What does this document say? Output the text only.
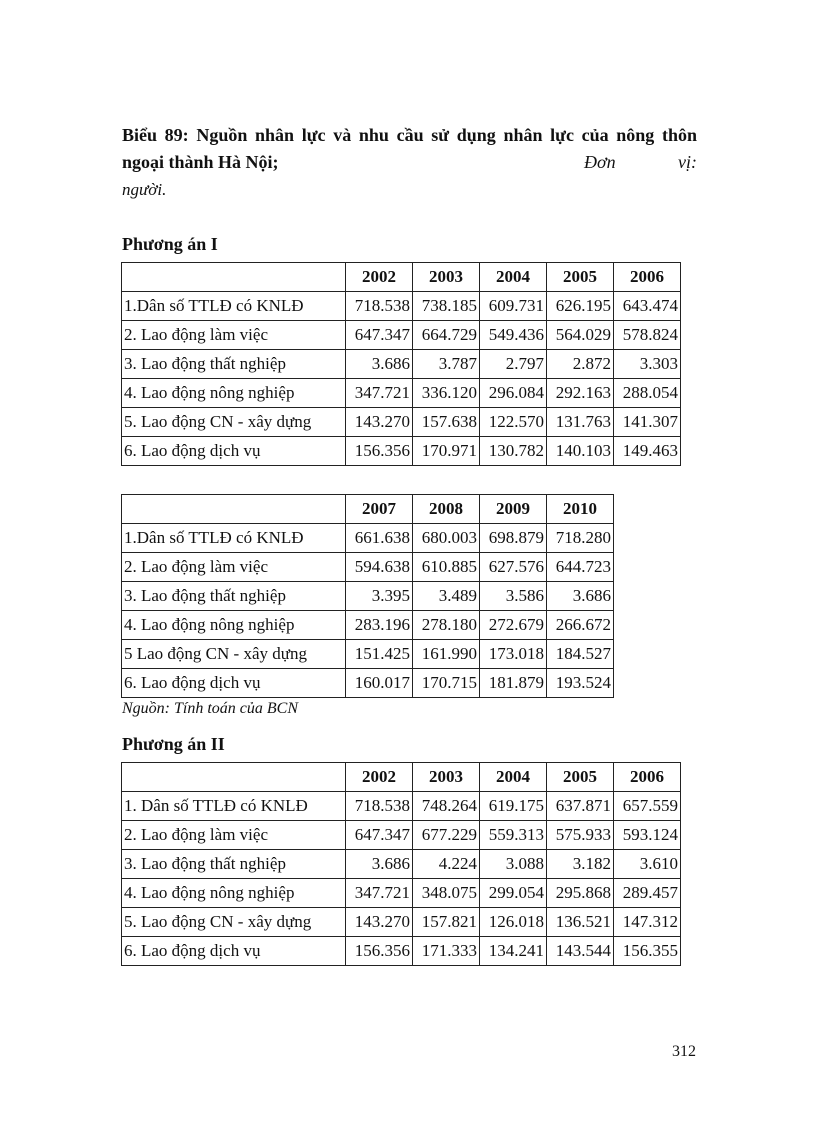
Biểu 89: Nguồn nhân lực và nhu cầu sử dụng nhân lực của nông thôn
ngoại thành Hà Nội;	Đơn	vị:
người.
Phương án I
	2002	2003	2004	2005	2006
1.Dân số TTLĐ có KNLĐ	718.538	738.185	609.731	626.195	643.474
2. Lao động làm việc	647.347	664.729	549.436	564.029	578.824
3. Lao động thất nghiệp	3.686	3.787	2.797	2.872	3.303
4. Lao động nông nghiệp	347.721	336.120	296.084	292.163	288.054
5. Lao động CN - xây dựng	143.270	157.638	122.570	131.763	141.307
6. Lao động dịch vụ	156.356	170.971	130.782	140.103	149.463
	2007	2008	2009	2010
1.Dân số TTLĐ có KNLĐ	661.638	680.003	698.879	718.280
2. Lao động làm việc	594.638	610.885	627.576	644.723
3. Lao động thất nghiệp	3.395	3.489	3.586	3.686
4. Lao động nông nghiệp	283.196	278.180	272.679	266.672
5 Lao động CN - xây dựng	151.425	161.990	173.018	184.527
6. Lao động dịch vụ	160.017	170.715	181.879	193.524
Nguồn: Tính toán của BCN
Phương án II
	2002	2003	2004	2005	2006
1. Dân số TTLĐ có KNLĐ	718.538	748.264	619.175	637.871	657.559
2. Lao động làm việc	647.347	677.229	559.313	575.933	593.124
3. Lao động thất nghiệp	3.686	4.224	3.088	3.182	3.610
4. Lao động nông nghiệp	347.721	348.075	299.054	295.868	289.457
5. Lao động CN - xây dựng	143.270	157.821	126.018	136.521	147.312
6. Lao động dịch vụ	156.356	171.333	134.241	143.544	156.355
312
